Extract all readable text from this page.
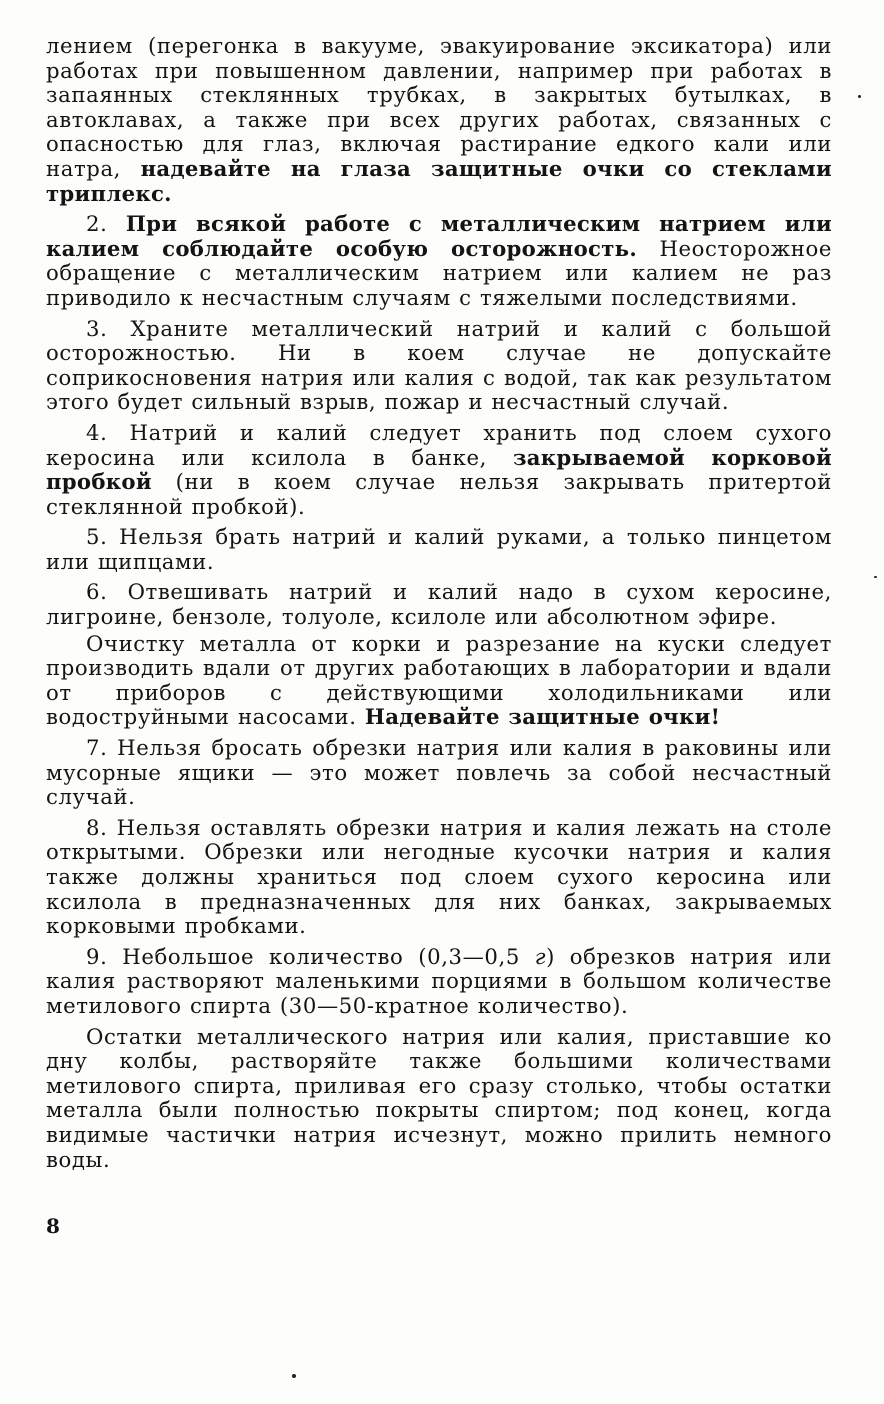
лением (перегонка в вакууме, эвакуирование эксикатора) или работах при повышенном давлении, например при работах в запаянных стеклянных трубках, в закрытых бутылках, в автоклавах, а также при всех других работах, связанных с опасностью для глаз, включая растирание едкого кали или натра, надевайте на глаза защитные очки со стеклами триплекс.

2. При всякой работе с металлическим натрием или калием соблюдайте особую осторожность. Неосторожное обращение с металлическим натрием или калием не раз приводило к несчастным случаям с тяжелыми последствиями.

3. Храните металлический натрий и калий с большой осторожностью. Ни в коем случае не допускайте соприкосновения натрия или калия с водой, так как результатом этого будет сильный взрыв, пожар и несчастный случай.

4. Натрий и калий следует хранить под слоем сухого керосина или ксилола в банке, закрываемой корковой пробкой (ни в коем случае нельзя закрывать притертой стеклянной пробкой).

5. Нельзя брать натрий и калий руками, а только пинцетом или щипцами.

6. Отвешивать натрий и калий надо в сухом керосине, лигроине, бензоле, толуоле, ксилоле или абсолютном эфире.

Очистку металла от корки и разрезание на куски следует производить вдали от других работающих в лаборатории и вдали от приборов с действующими холодильниками или водоструйными насосами. Надевайте защитные очки!

7. Нельзя бросать обрезки натрия или калия в раковины или мусорные ящики — это может повлечь за собой несчастный случай.

8. Нельзя оставлять обрезки натрия и калия лежать на столе открытыми. Обрезки или негодные кусочки натрия и калия также должны храниться под слоем сухого керосина или ксилола в предназначенных для них банках, закрываемых корковыми пробками.

9. Небольшое количество (0,3—0,5 г) обрезков натрия или калия растворяют маленькими порциями в большом количестве метилового спирта (30—50-кратное количество).

Остатки металлического натрия или калия, приставшие ко дну колбы, растворяйте также большими количествами метилового спирта, приливая его сразу столько, чтобы остатки металла были полностью покрыты спиртом; под конец, когда видимые частички натрия исчезнут, можно прилить немного воды.

8
